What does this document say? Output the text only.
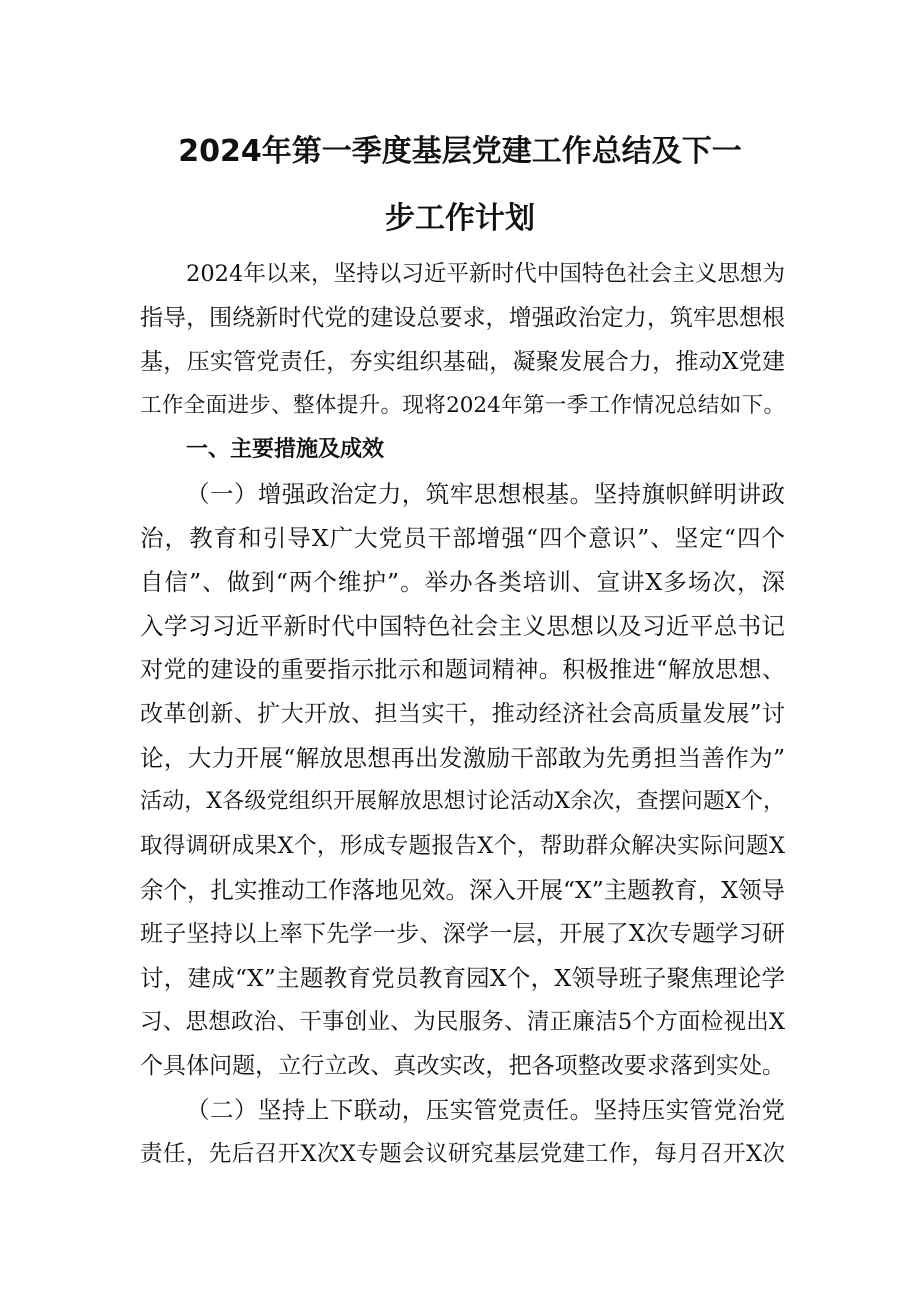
2024年第一季度基层党建工作总结及下一
步工作计划

2024年以来，坚持以习近平新时代中国特色社会主义思想为

指导，围绕新时代党的建设总要求，增强政治定力，筑牢思想根

基，压实管党责任，夯实组织基础，凝聚发展合力，推动X党建

工作全面进步、整体提升。现将2024年第一季工作情况总结如下。

一、主要措施及成效

（一）增强政治定力，筑牢思想根基。坚持旗帜鲜明讲政

治，教育和引导X广大党员干部增强“四个意识”、坚定“四个

自信”、做到“两个维护”。举办各类培训、宣讲X多场次，深

入学习习近平新时代中国特色社会主义思想以及习近平总书记

对党的建设的重要指示批示和题词精神。积极推进“解放思想、

改革创新、扩大开放、担当实干，推动经济社会高质量发展”讨

论，大力开展“解放思想再出发激励干部敢为先勇担当善作为”

活动，X各级党组织开展解放思想讨论活动X余次，查摆问题X个，

取得调研成果X个，形成专题报告X个，帮助群众解决实际问题X

余个，扎实推动工作落地见效。深入开展“X”主题教育，X领导

班子坚持以上率下先学一步、深学一层，开展了X次专题学习研

讨，建成“X”主题教育党员教育园X个，X领导班子聚焦理论学

习、思想政治、干事创业、为民服务、清正廉洁5个方面检视出X

个具体问题，立行立改、真改实改，把各项整改要求落到实处。

（二）坚持上下联动，压实管党责任。坚持压实管党治党

责任，先后召开X次X专题会议研究基层党建工作，每月召开X次
